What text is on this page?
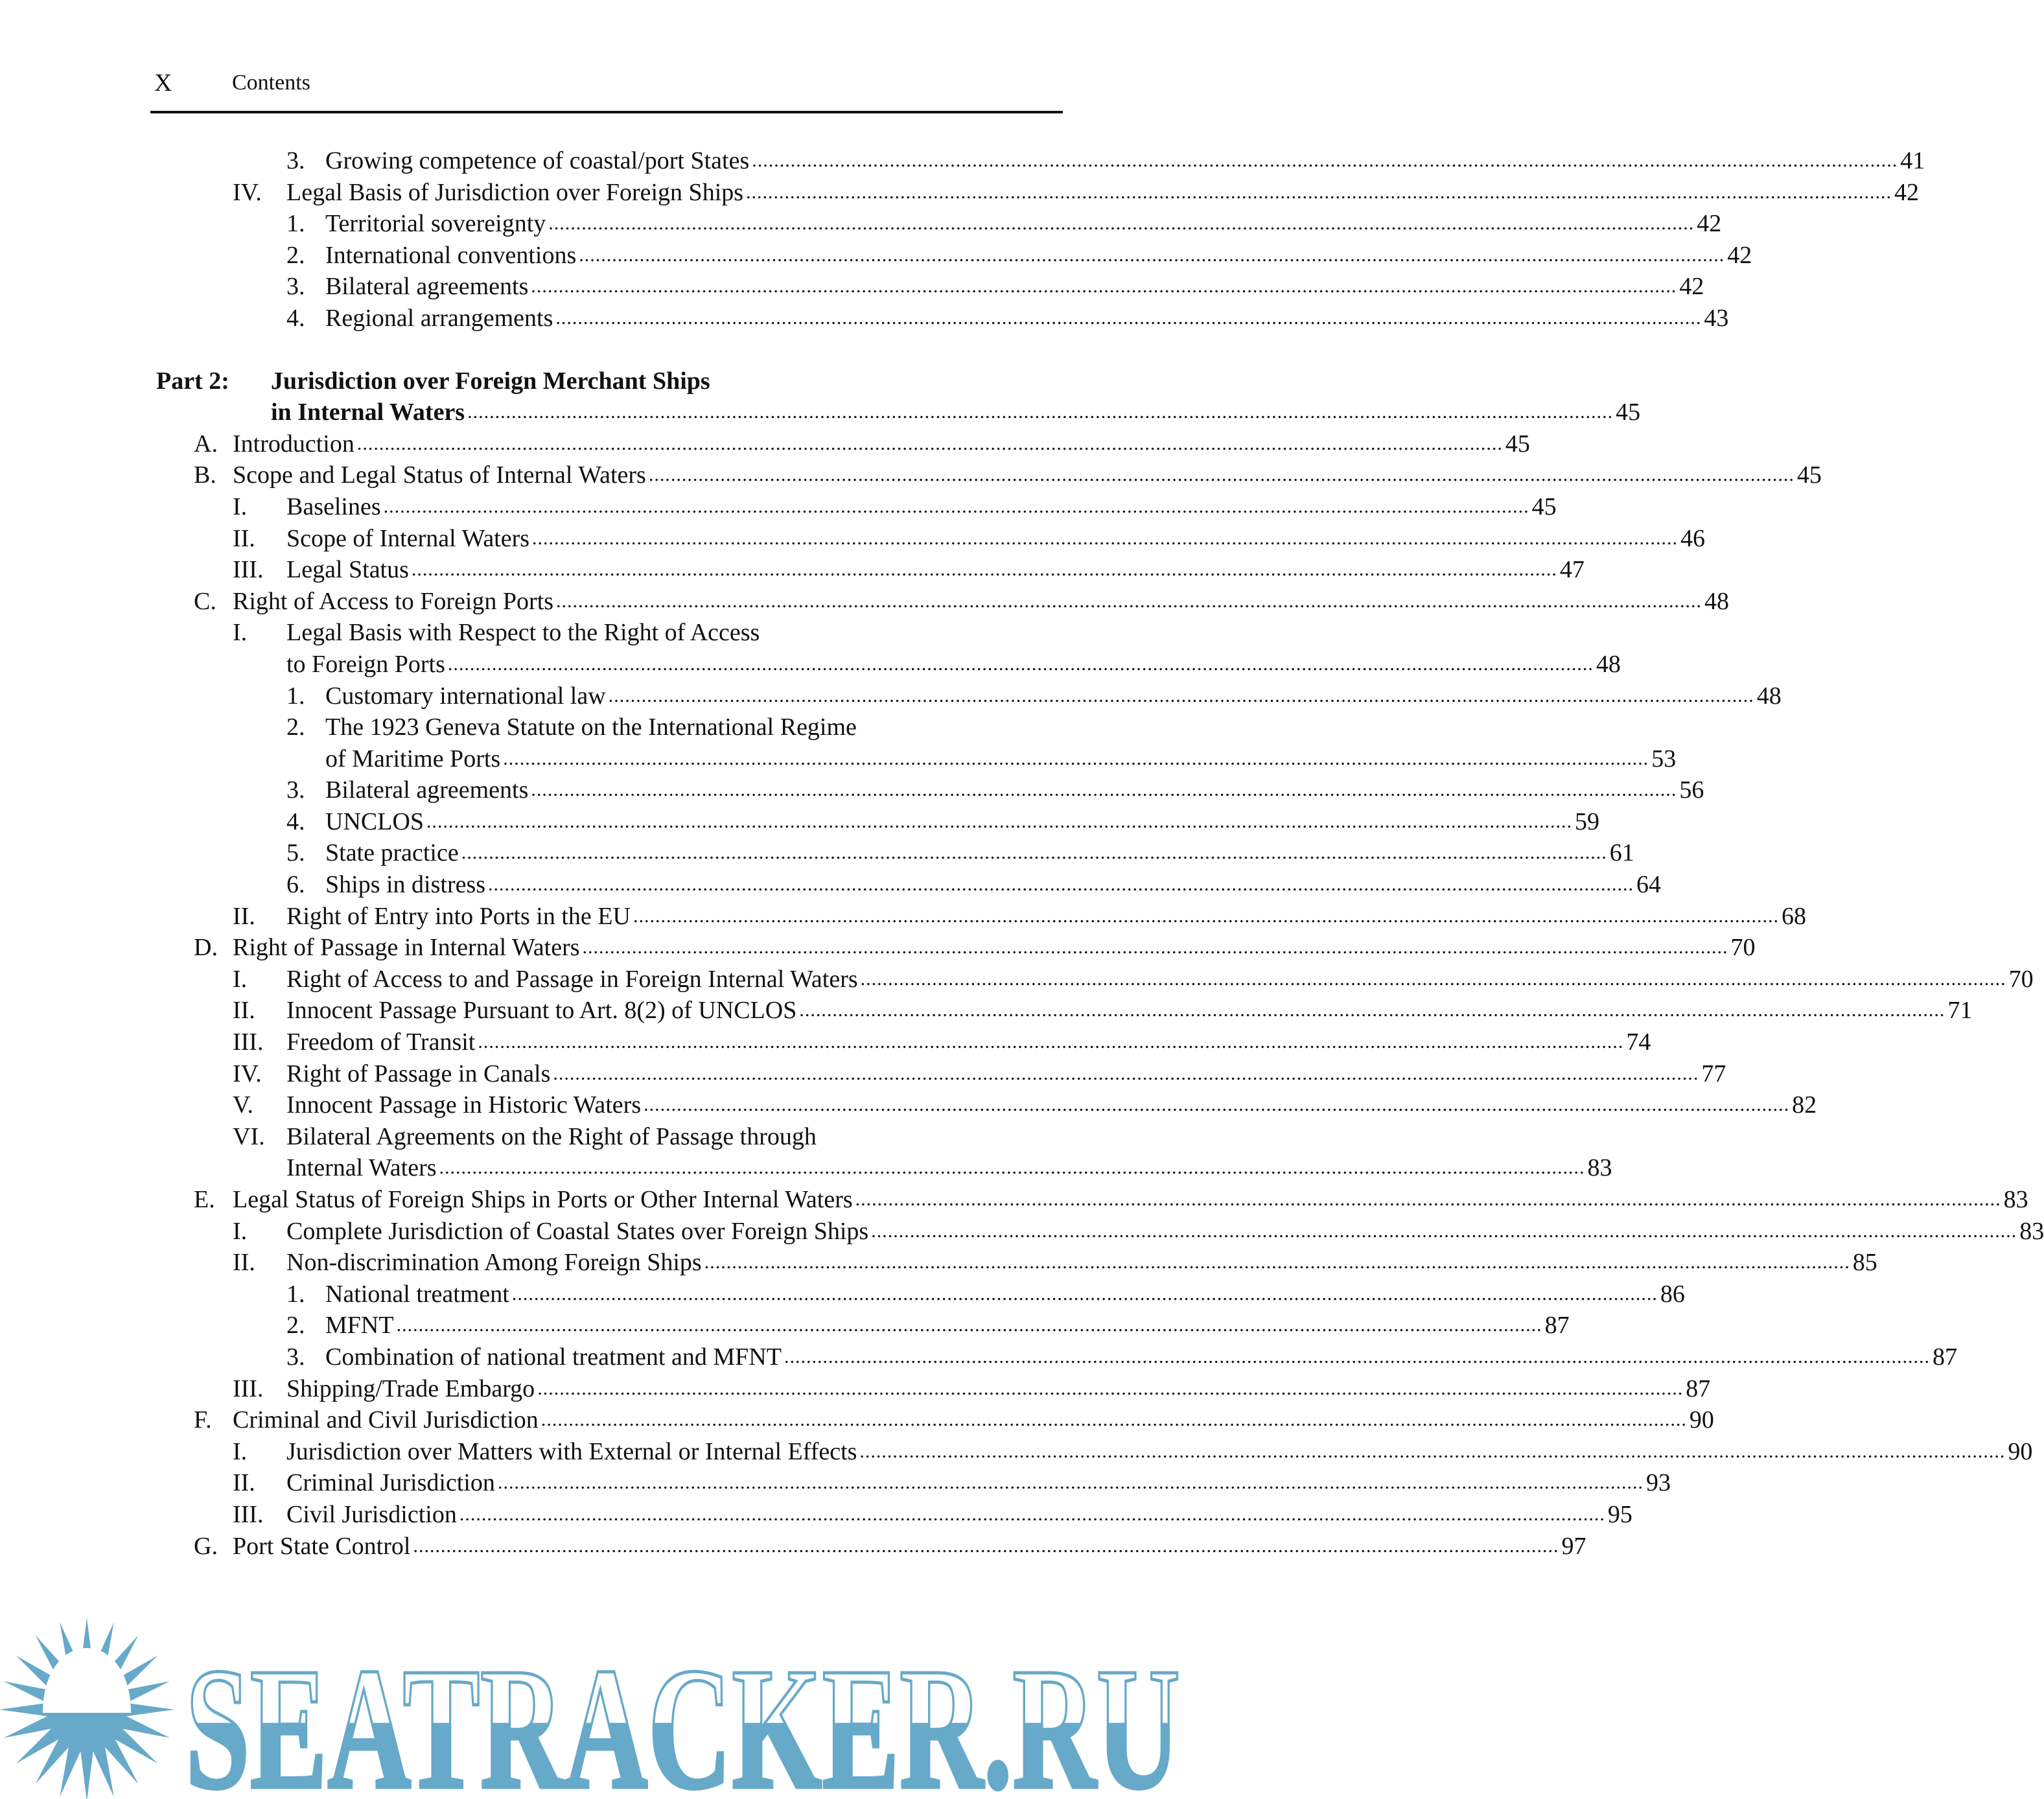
X	Contents
3. Growing competence of coastal/port States .....	41
IV. Legal Basis of Jurisdiction over Foreign Ships .....	42
1. Territorial sovereignty .....	42
2. International conventions .....	42
3. Bilateral agreements .....	42
4. Regional arrangements .....	43
Part 2: Jurisdiction over Foreign Merchant Ships
in Internal Waters .....	45
A. Introduction .....	45
B. Scope and Legal Status of Internal Waters .....	45
I. Baselines .....	45
II. Scope of Internal Waters .....	46
III. Legal Status .....	47
C. Right of Access to Foreign Ports .....	48
I. Legal Basis with Respect to the Right of Access
to Foreign Ports .....	48
1. Customary international law .....	48
2. The 1923 Geneva Statute on the International Regime
of Maritime Ports .....	53
3. Bilateral agreements .....	56
4. UNCLOS .....	59
5. State practice .....	61
6. Ships in distress .....	64
II. Right of Entry into Ports in the EU .....	68
D. Right of Passage in Internal Waters .....	70
I. Right of Access to and Passage in Foreign Internal Waters .....	70
II. Innocent Passage Pursuant to Art. 8(2) of UNCLOS .....	71
III. Freedom of Transit .....	74
IV. Right of Passage in Canals .....	77
V. Innocent Passage in Historic Waters .....	82
VI. Bilateral Agreements on the Right of Passage through
Internal Waters .....	83
E. Legal Status of Foreign Ships in Ports or Other Internal Waters .....	83
I. Complete Jurisdiction of Coastal States over Foreign Ships .....	83
II. Non-discrimination Among Foreign Ships .....	85
1. National treatment .....	86
2. MFNT .....	87
3. Combination of national treatment and MFNT .....	87
III. Shipping/Trade Embargo .....	87
F. Criminal and Civil Jurisdiction .....	90
I. Jurisdiction over Matters with External or Internal Effects .....	90
II. Criminal Jurisdiction .....	93
III. Civil Jurisdiction .....	95
G. Port State Control .....	97
SEATRACKER.RU
